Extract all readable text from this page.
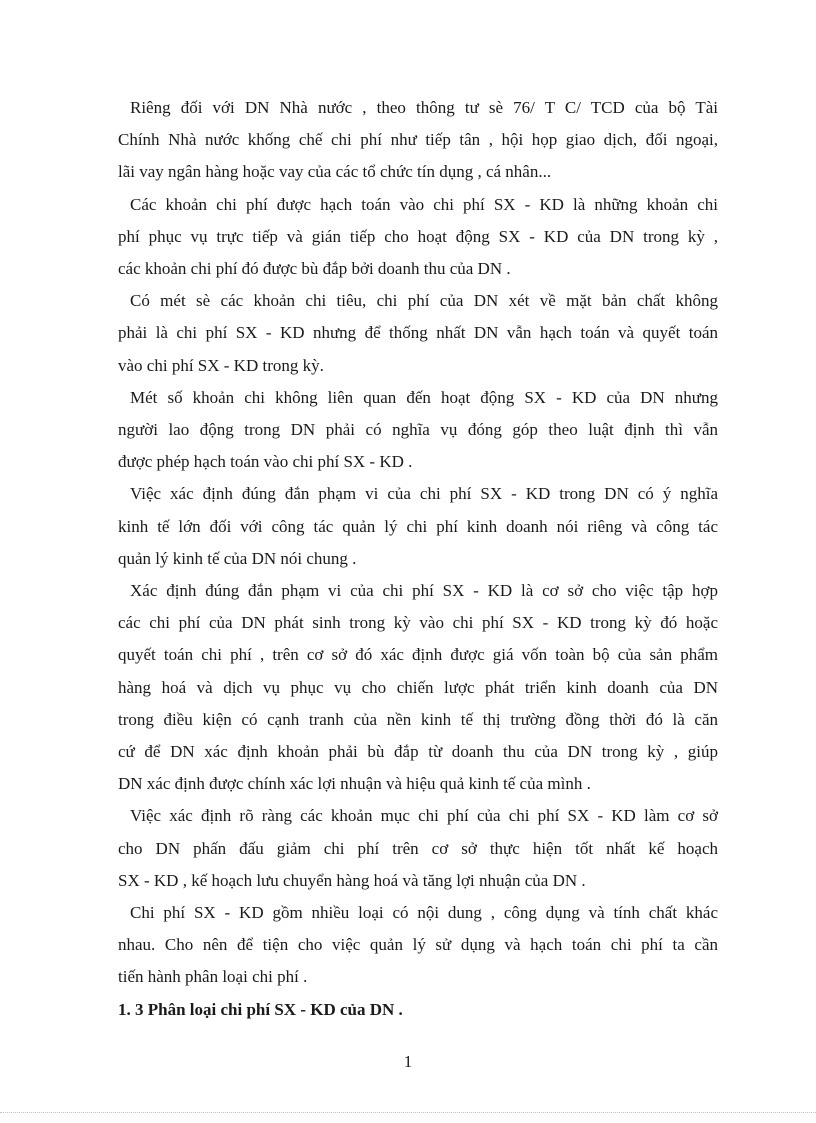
Riêng đối với DN Nhà nước , theo thông tư sè 76/ T C/ TCD của bộ Tài
Chính Nhà nước khống chế chi phí như tiếp tân , hội họp giao dịch, đối ngoại,
lãi vay ngân hàng hoặc vay của các tổ chức tín dụng , cá nhân...
Các khoản chi phí được hạch toán vào chi phí SX - KD là những khoản chi
phí phục vụ trực tiếp và gián tiếp cho hoạt động SX - KD của DN trong kỳ ,
các khoản chi phí đó được bù đắp bởi doanh thu của DN .
Có mét sè các khoản chi tiêu, chi phí của DN xét về mặt bản chất không
phải là chi phí SX - KD nhưng để thống nhất DN vẫn hạch toán và quyết toán
vào chi phí SX - KD trong kỳ.
Mét số khoản chi không liên quan đến hoạt động SX - KD của DN nhưng
người lao động trong DN phải có nghĩa vụ đóng góp theo luật định thì vẫn
được phép hạch toán vào chi phí SX - KD .
Việc xác định đúng đắn phạm vi của chi phí SX - KD trong DN có ý nghĩa
kinh tế lớn đối với công tác quản lý chi phí kinh doanh nói riêng và công tác
quản lý kinh tế của DN nói chung .
Xác định đúng đắn phạm vi của chi phí SX - KD là cơ sở cho việc tập hợp
các chi phí của DN phát sinh trong kỳ vào chi phí SX - KD trong kỳ đó hoặc
quyết toán chi phí , trên cơ sở đó xác định được giá vốn toàn bộ của sản phẩm
hàng hoá và dịch vụ phục vụ cho chiến lược phát triển kinh doanh của DN
trong điều kiện có cạnh tranh của nền kinh tế thị trường đồng thời đó là căn
cứ để DN xác định khoản phải bù đắp từ doanh thu của DN trong kỳ , giúp
DN xác định được chính xác lợi nhuận và hiệu quả kinh tế của mình .
Việc xác định rõ ràng các khoản mục chi phí của chi phí SX - KD làm cơ sở
cho DN phấn đấu giảm chi phí trên cơ sở thực hiện tốt nhất kế hoạch
SX - KD , kế hoạch lưu chuyển hàng hoá và tăng lợi nhuận của DN .
Chi phí SX - KD gồm nhiều loại có nội dung , công dụng và tính chất khác
nhau. Cho nên để tiện cho việc quản lý sử dụng và hạch toán chi phí ta cần
tiến hành phân loại chi phí .
1. 3 Phân loại chi phí SX - KD của DN .
1
